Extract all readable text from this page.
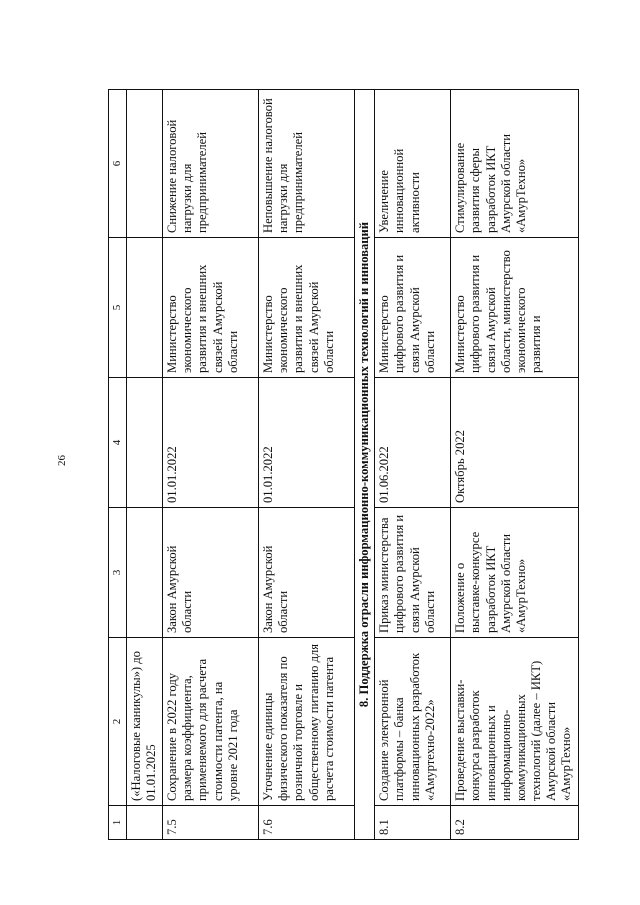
26
1	2	3	4	5	6
	(«Налоговые каникулы») до 01.01.2025				
7.5	Сохранение в 2022 году размера коэффициента, применяемого для расчета стоимости патента, на уровне 2021 года	Закон Амурской области	01.01.2022	Министерство экономического развития и внешних связей Амурской области	Снижение налоговой нагрузки для предпринимателей
7.6	Уточнение единицы физического показателя по розничной торговле и общественному питанию для расчета стоимости патента	Закон Амурской области	01.01.2022	Министерство экономического развития и внешних связей Амурской области	Неповышение налоговой нагрузки для предпринимателей
8. Поддержка отрасли информационно-коммуникационных технологий и инноваций					
8.1	Создание электронной платформы – банка инновационных разработок «Амуртехно-2022»	Приказ министерства цифрового развития и связи Амурской области	01.06.2022	Министерство цифрового развития и связи Амурской области	Увеличение инновационной активности
8.2	Проведение выставки-конкурса разработок инновационных и информационно-коммуникационных технологий (далее – ИКТ) Амурской области «АмурТехно»	Положение о выставке-конкурсе разработок ИКТ Амурской области «АмурТехно»	Октябрь 2022	Министерство цифрового развития и связи Амурской области, министерство экономического развития и	Стимулирование развития сферы разработок ИКТ Амурской области «АмурТехно»
